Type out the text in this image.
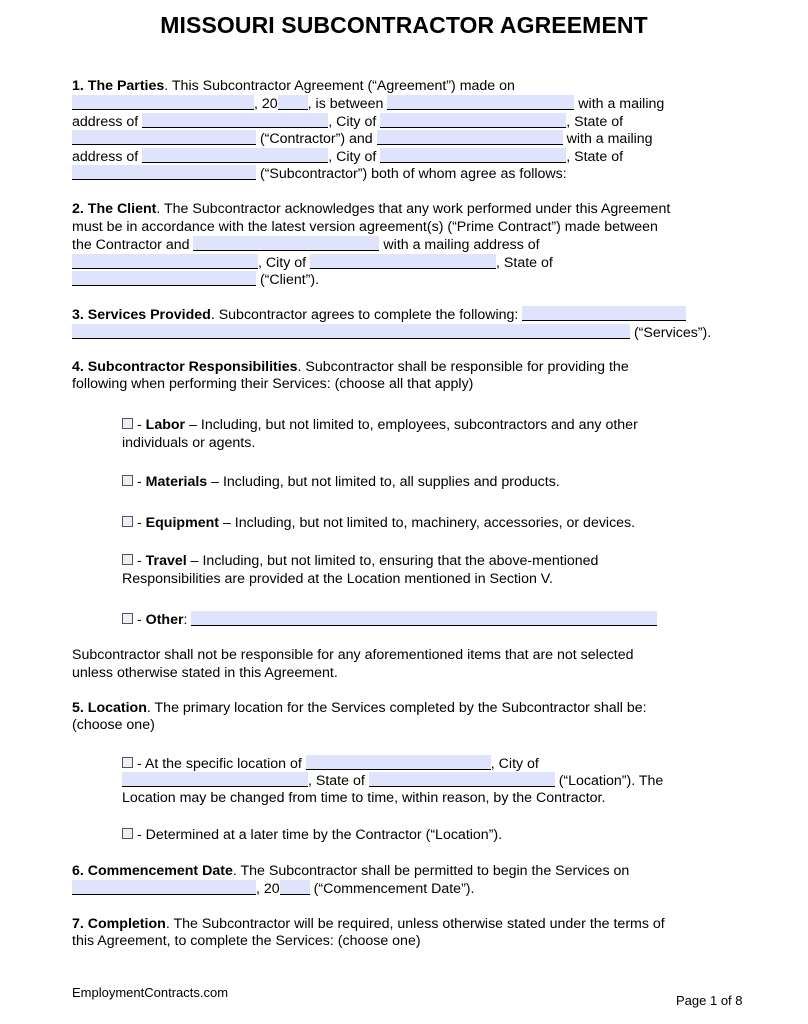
MISSOURI SUBCONTRACTOR AGREEMENT
1. The Parties. This Subcontractor Agreement (“Agreement”) made on
, 20 , is between	with a mailing
address of	, City of	, State of
(“Contractor”) and	with a mailing
address of	, City of	, State of
(“Subcontractor”) both of whom agree as follows:
2. The Client. The Subcontractor acknowledges that any work performed under this Agreement
must be in accordance with the latest version agreement(s) (“Prime Contract”) made between
the Contractor and	with a mailing address of
, City of	, State of
(“Client”).
3. Services Provided. Subcontractor agrees to complete the following:
(“Services”).
4. Subcontractor Responsibilities. Subcontractor shall be responsible for providing the
following when performing their Services: (choose all that apply)
- Labor – Including, but not limited to, employees, subcontractors and any other
individuals or agents.
- Materials – Including, but not limited to, all supplies and products.
- Equipment – Including, but not limited to, machinery, accessories, or devices.
- Travel – Including, but not limited to, ensuring that the above-mentioned
Responsibilities are provided at the Location mentioned in Section V.
- Other:
Subcontractor shall not be responsible for any aforementioned items that are not selected
unless otherwise stated in this Agreement.
5. Location. The primary location for the Services completed by the Subcontractor shall be:
(choose one)
- At the specific location of	, City of
, State of	(“Location”). The
Location may be changed from time to time, within reason, by the Contractor.
- Determined at a later time by the Contractor (“Location”).
6. Commencement Date. The Subcontractor shall be permitted to begin the Services on
, 20 (“Commencement Date”).
7. Completion. The Subcontractor will be required, unless otherwise stated under the terms of
this Agreement, to complete the Services: (choose one)
EmploymentContracts.com
Page 1 of 8
